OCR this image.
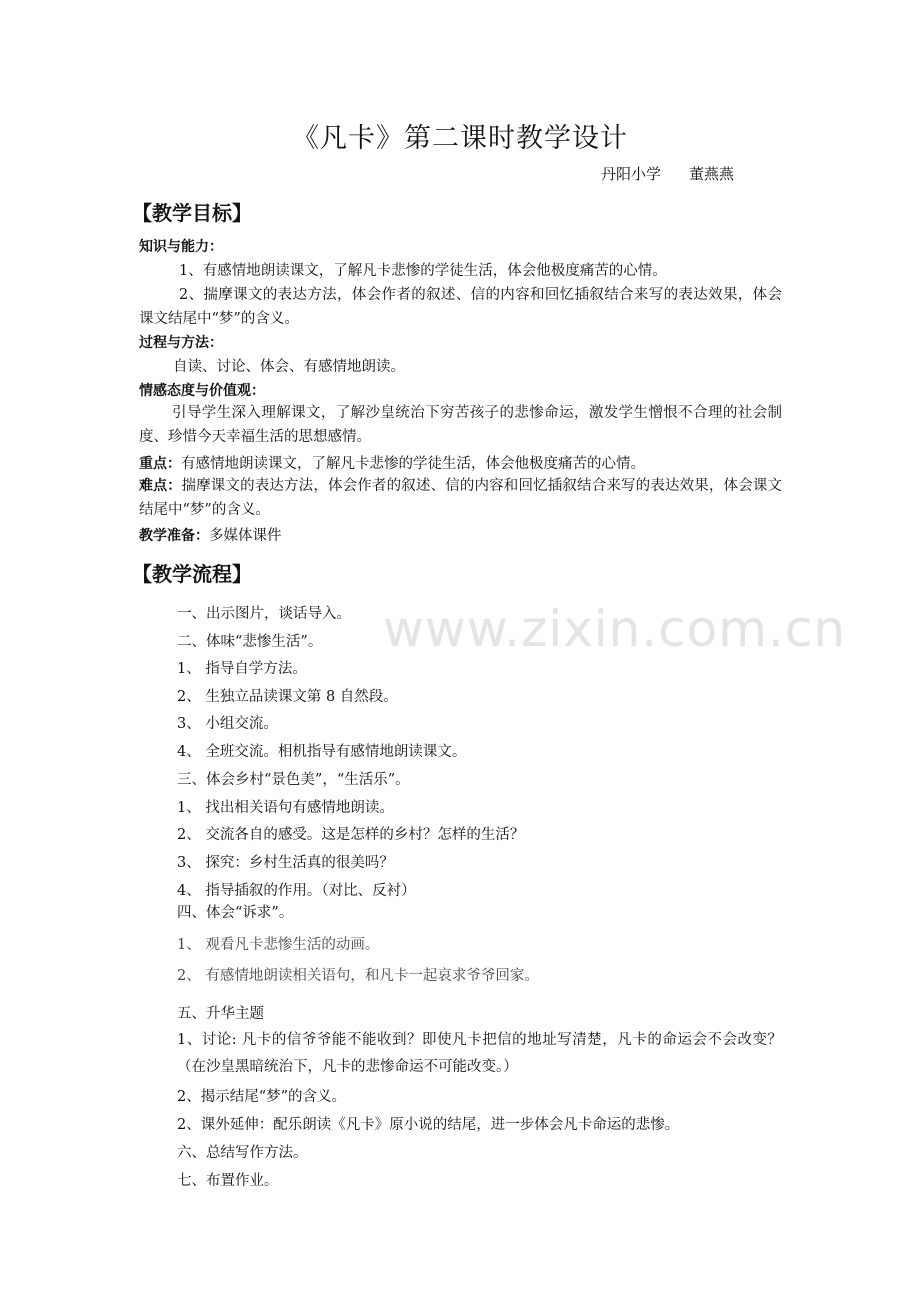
《凡卡》第二课时教学设计
丹阳小学 董燕燕
【教学目标】
知识与能力：
1、有感情地朗读课文，了解凡卡悲惨的学徒生活，体会他极度痛苦的心情。
2、揣摩课文的表达方法，体会作者的叙述、信的内容和回忆插叙结合来写的表达效果，体会课文结尾中“梦”的含义。
过程与方法：
自读、讨论、体会、有感情地朗读。
情感态度与价值观：
引导学生深入理解课文，了解沙皇统治下穷苦孩子的悲惨命运，激发学生憎恨不合理的社会制度、珍惜今天幸福生活的思想感情。
重点：有感情地朗读课文，了解凡卡悲惨的学徒生活，体会他极度痛苦的心情。
难点：揣摩课文的表达方法，体会作者的叙述、信的内容和回忆插叙结合来写的表达效果，体会课文结尾中“梦”的含义。
教学准备：多媒体课件
【教学流程】
www.zixin.com.cn
一、出示图片，谈话导入。
二、体味“悲惨生活”。
1、 指导自学方法。
2、 生独立品读课文第 8 自然段。
3、 小组交流。
4、 全班交流。相机指导有感情地朗读课文。
三、体会乡村“景色美”，“生活乐”。
1、 找出相关语句有感情地朗读。
2、 交流各自的感受。这是怎样的乡村？怎样的生活？
3、 探究：乡村生活真的很美吗？
4、 指导插叙的作用。（对比、反衬）
四、体会“诉求”。
1、 观看凡卡悲惨生活的动画。
2、 有感情地朗读相关语句，和凡卡一起哀求爷爷回家。
五、升华主题
1、讨论: 凡卡的信爷爷能不能收到？即使凡卡把信的地址写清楚，凡卡的命运会不会改变？（在沙皇黑暗统治下，凡卡的悲惨命运不可能改变。）
2、揭示结尾“梦”的含义。
2、课外延伸：配乐朗读《凡卡》原小说的结尾，进一步体会凡卡命运的悲惨。
六、总结写作方法。
七、布置作业。
